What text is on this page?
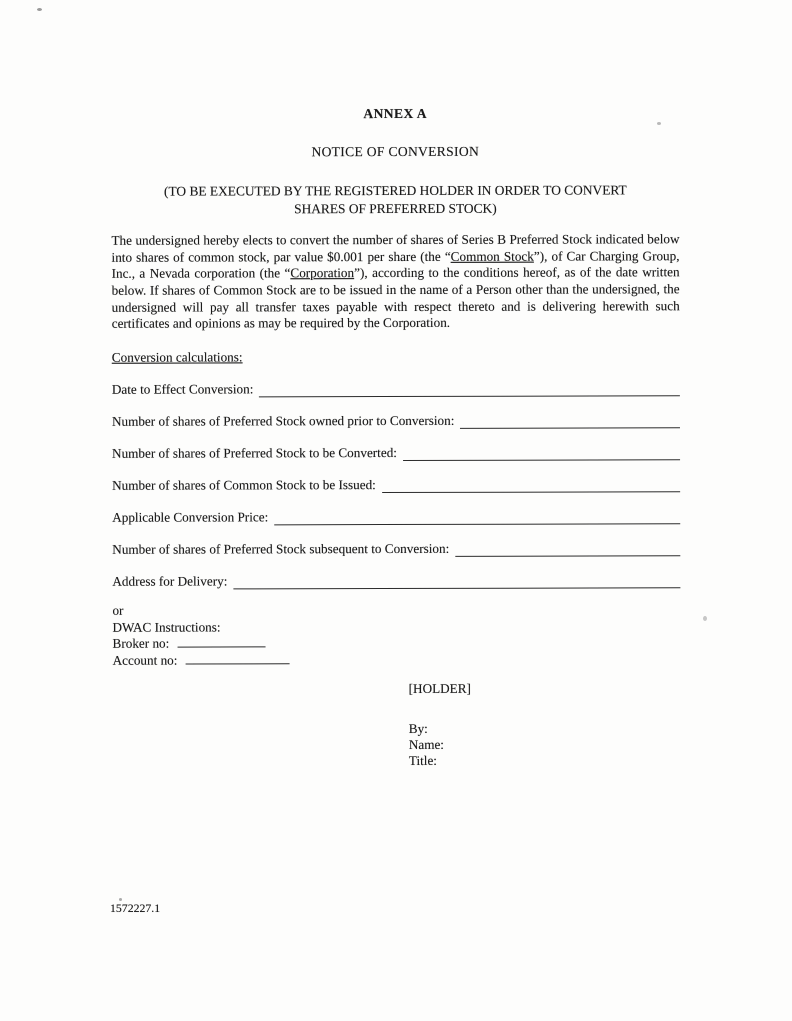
ANNEX A
NOTICE OF CONVERSION
(TO BE EXECUTED BY THE REGISTERED HOLDER IN ORDER TO CONVERT
SHARES OF PREFERRED STOCK)
The undersigned hereby elects to convert the number of shares of Series B Preferred Stock indicated below into shares of common stock, par value $0.001 per share (the “Common Stock”), of Car Charging Group, Inc., a Nevada corporation (the “Corporation”), according to the conditions hereof, as of the date written below. If shares of Common Stock are to be issued in the name of a Person other than the undersigned, the undersigned will pay all transfer taxes payable with respect thereto and is delivering herewith such certificates and opinions as may be required by the Corporation.
Conversion calculations:
Date to Effect Conversion:
Number of shares of Preferred Stock owned prior to Conversion:
Number of shares of Preferred Stock to be Converted:
Number of shares of Common Stock to be Issued:
Applicable Conversion Price:
Number of shares of Preferred Stock subsequent to Conversion:
Address for Delivery:
or
DWAC Instructions:
Broker no:
Account no:
[HOLDER]
By:
Name:
Title:
1572227.1
